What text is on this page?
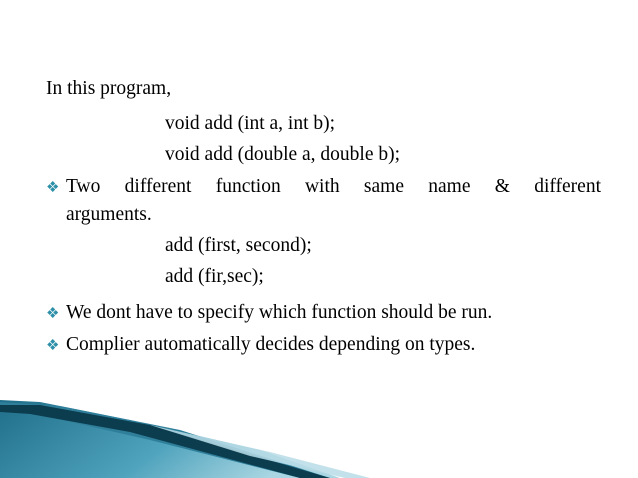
In this program,
void add (int a, int b);
void add (double a, double b);
❖ Two different function with same name & different
arguments.
add (first, second);
add (fir,sec);
❖ We dont have to specify which function should be run.
❖ Complier automatically decides depending on types.
